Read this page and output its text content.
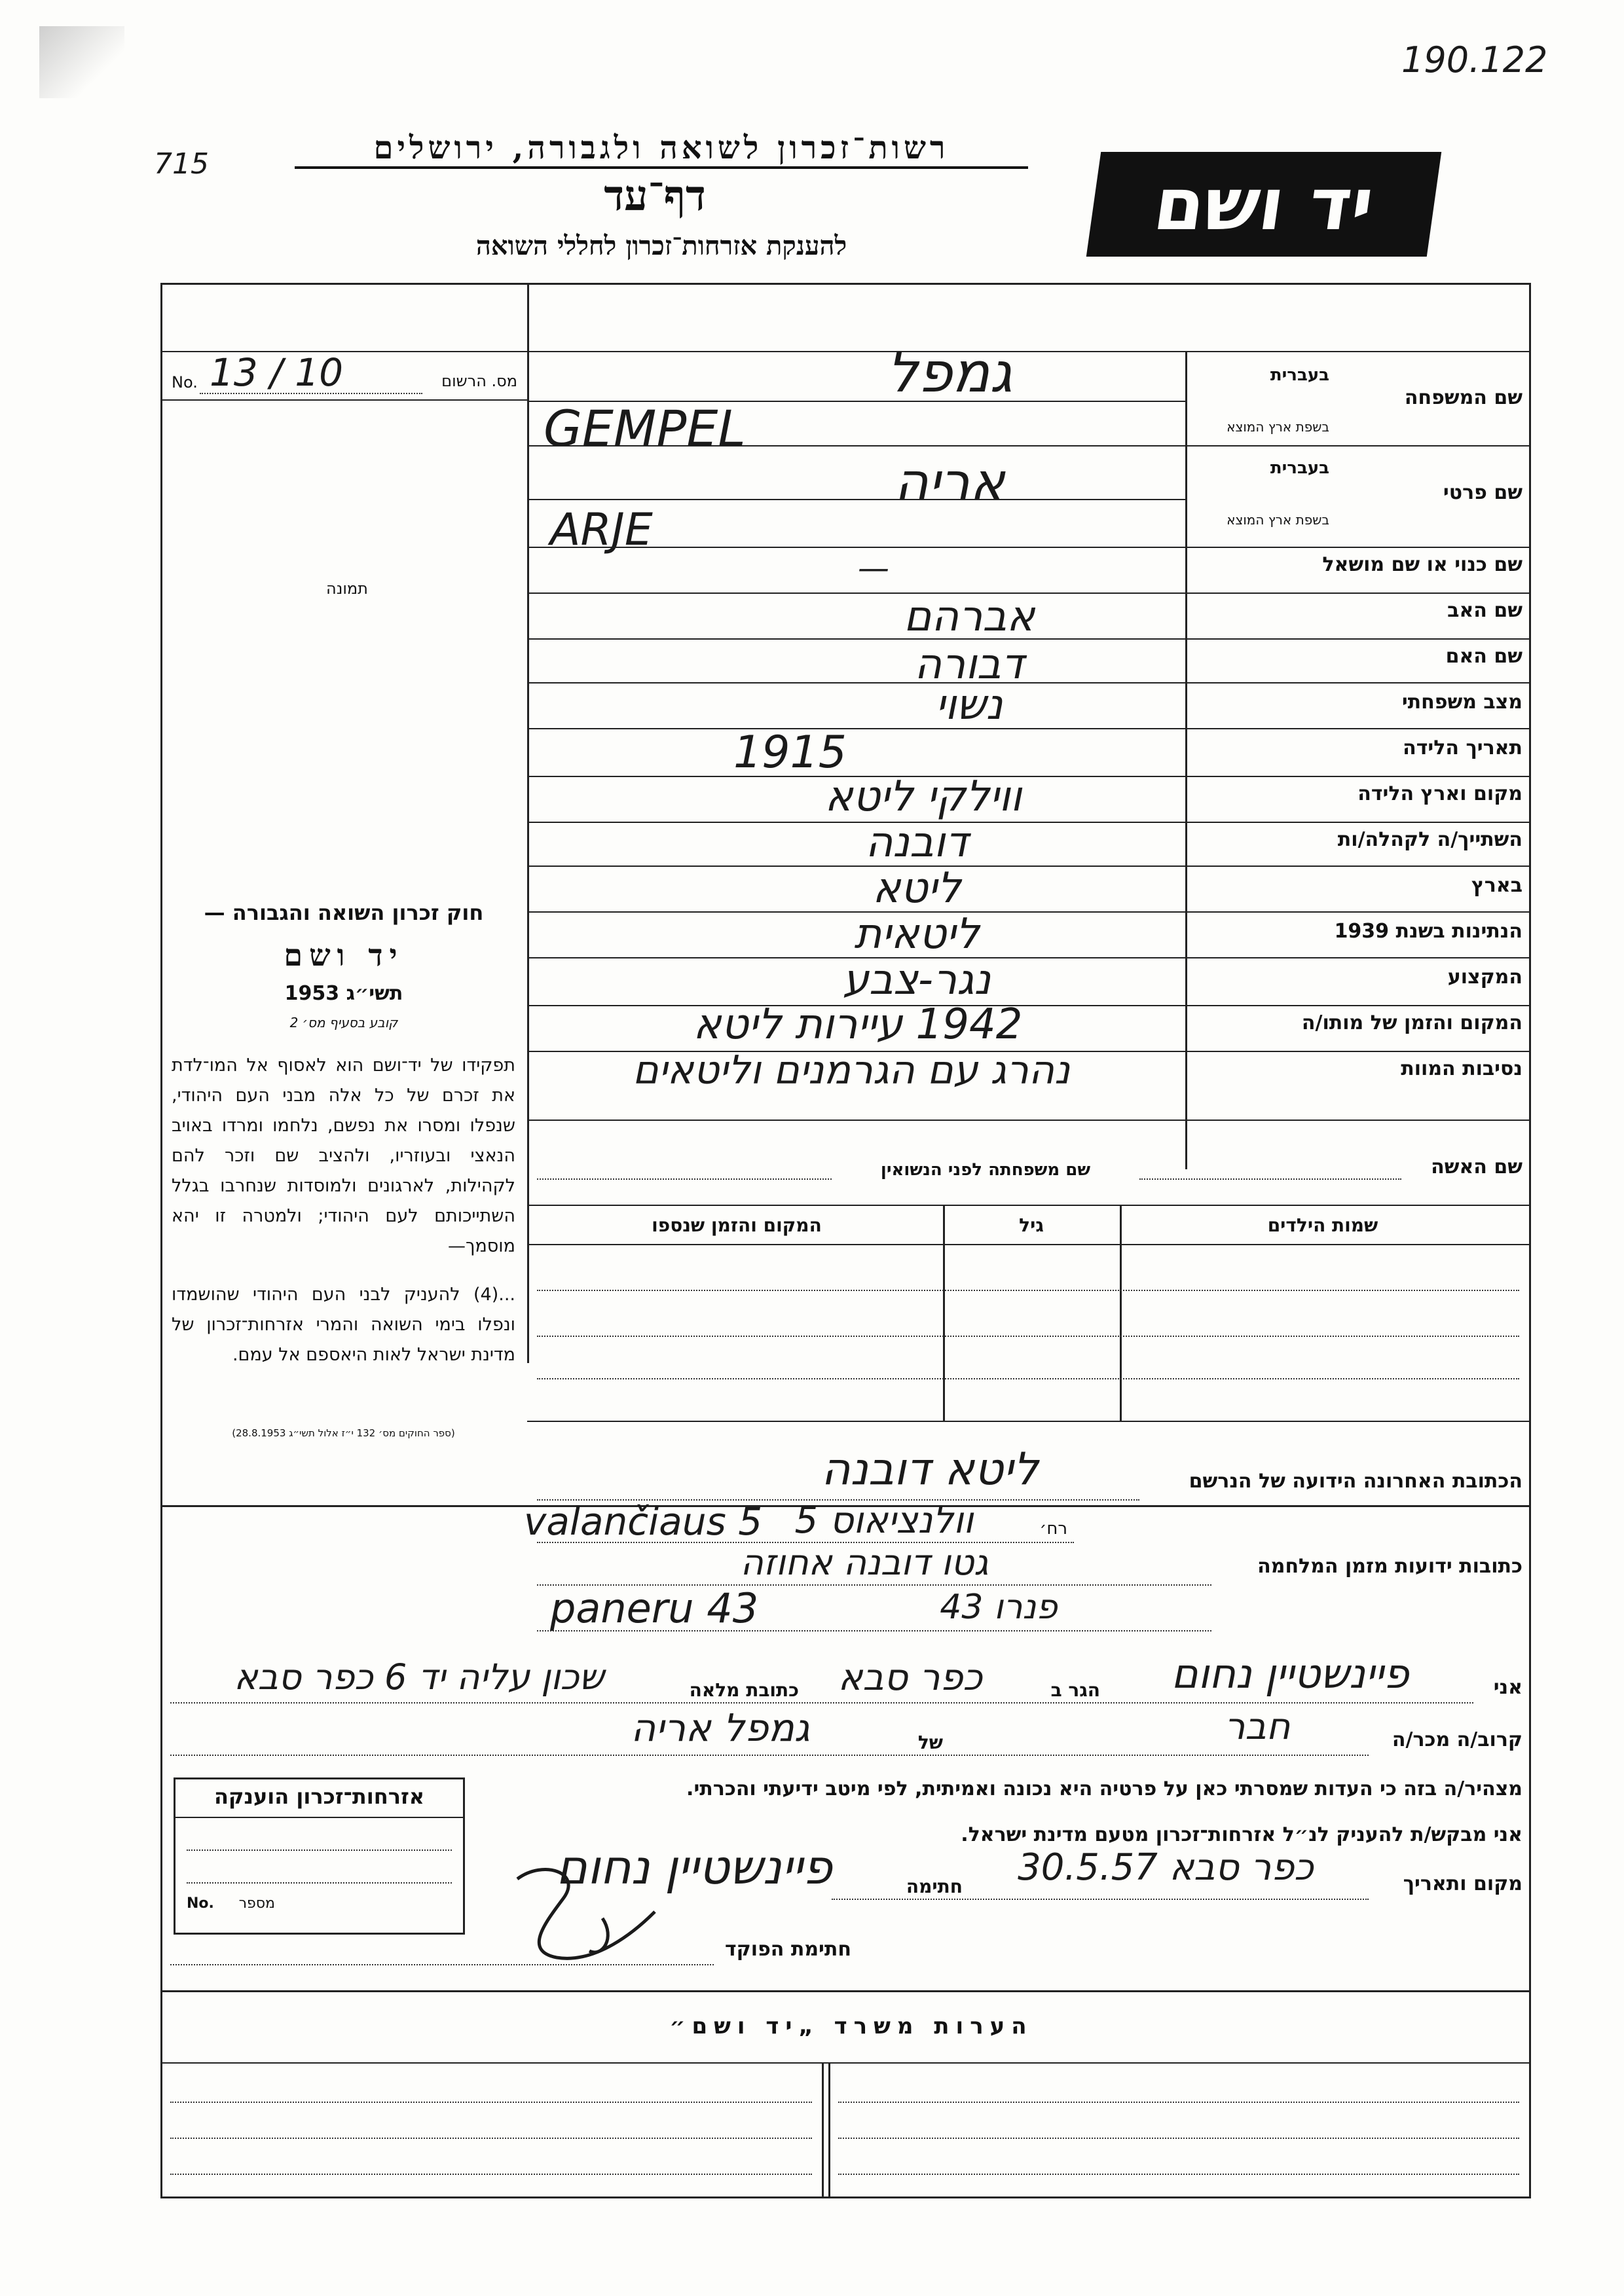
190.122
715	רשות־זכרון לשואה ולגבורה, ירושלים
דף־עד
להענקת אזרחות־זכרון לחללי השואה	יד ושם
No. 13 / 10	מס. הרשום
תמונה
שם המשפחה
בעברית
בשפת ארץ המוצא
גמפל
GEMPEL
שם פרטי
בעברית
בשפת ארץ המוצא
אריה
ARJE
שם כנוי או שם מושאל
—
שם האב
אברהם
שם האם
דבורה
מצב משפחתי
נשוי
תאריך הלידה
1915
מקום וארץ הלידה
ווילקי ליטא
השתייך/ה לקהלה/ות
דובנה
בארץ
ליטא
הנתינות בשנת 1939
ליטאית
המקצוע
נגר-צבע
המקום והזמן של מותו/ה
1942 עיירות ליטא
נסיבות המוות
נהרג עם הגרמנים וליטאים
שם האשה
שם משפחתה לפני הנשואין
שמות הילדים
גיל
המקום והזמן שנספו
חוק זכרון השואה והגבורה —
יד ושם
תשי״ג 1953
קובע בסעיף מס׳ 2
תפקידו של יד־ושם הוא לאסוף אל המו־לדת את זכרם של כל אלה מבני העם היהודי, שנפלו ומסרו את נפשם, נלחמו ומרדו באויב הנאצי ובעוזריו, ולהציב שם וזכר להם לקהילות, לארגונים ולמוסדות שנחרבו בגלל השתייכותם לעם היהודי; ולמטרה זו יהא מוסמך—
...(4) להעניק לבני העם היהודי שהושמדו ונפלו בימי השואה והמרי אזרחות־זכרון של מדינת ישראל לאות היאספם אל עמם.
(ספר החוקים מס׳ 132 י״ז אלול תשי״ג 28.8.1953)
הכתובת האחרונה הידועה של הנרשם
ליטא דובנה
רח׳
וולנציאוס 5
valančiaus 5
כתובות ידועות מזמן המלחמה
גטו דובנה אחוזה
פנרו 43
paneru 43
אני
פיינשטיין נחום
הגר ב
כפר סבא
כתובת מלאה
שכון עליה יד 6 כפר סבא
קרוב/ה מכר/ה
חבר
של
גמפל אריה
מצהיר/ה בזה כי העדות שמסרתי כאן על פרטיה היא נכונה ואמיתית, לפי מיטב ידיעתי והכרתי.
אני מבקש/ת להעניק לנ״ל אזרחות־זכרון מטעם מדינת ישראל.
מקום ותאריך
כפר סבא 30.5.57
חתימה
פיינשטיין נחום
חתימת הפוקד
אזרחות־זכרון הוענקה
No.	מספר
הערות משרד „יד ושם״
